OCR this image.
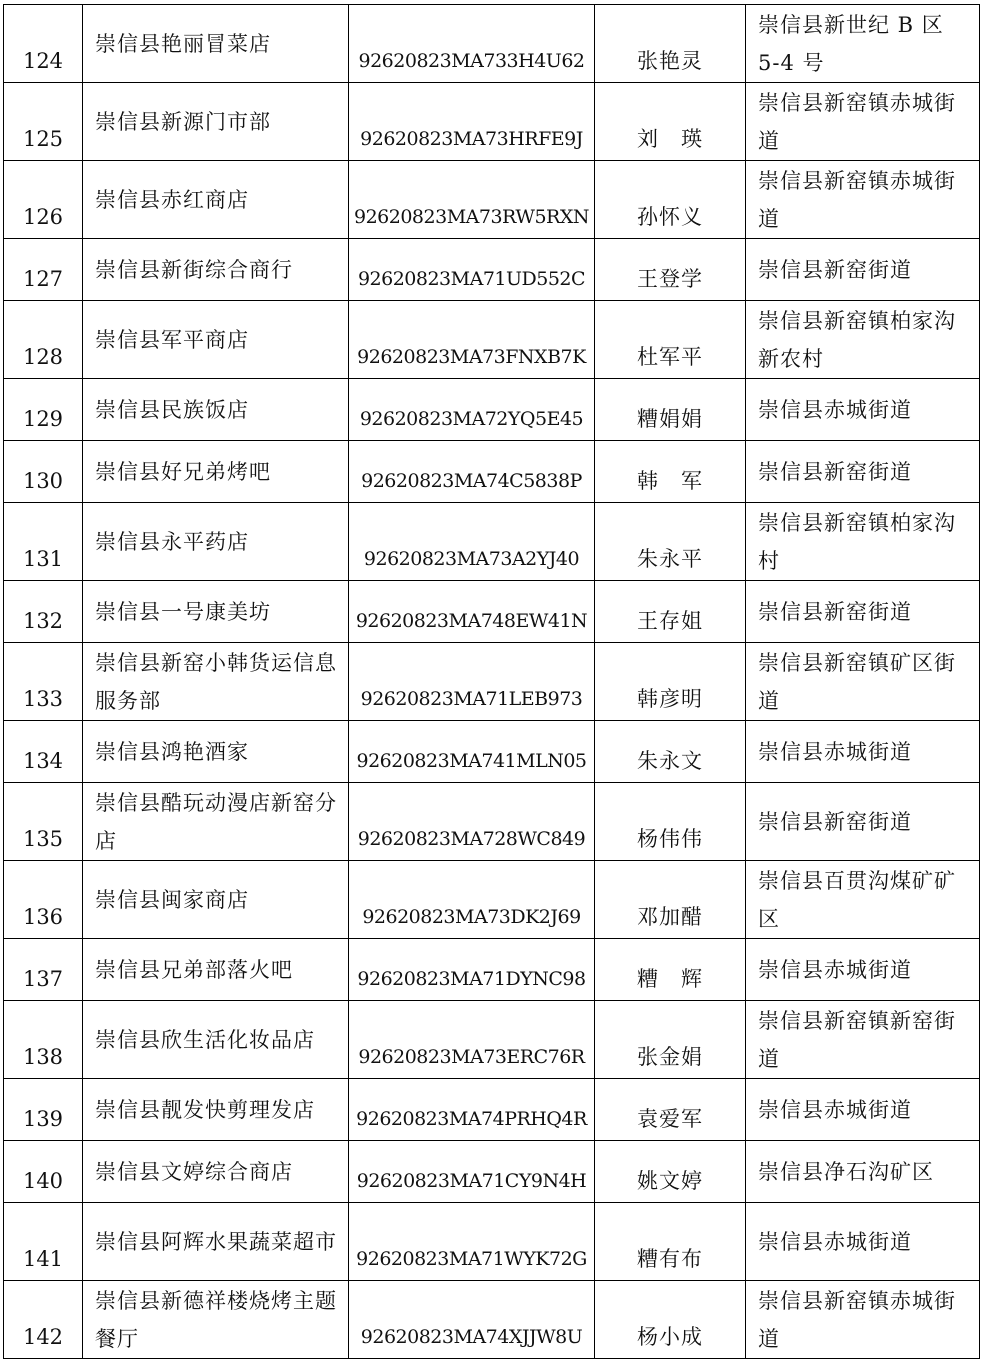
124	崇信县艳丽冒菜店	92620823MA733H4U62	张艳灵	崇信县新世纪 B 区 5-4 号
125	崇信县新源门市部	92620823MA73HRFE9J	刘　瑛	崇信县新窑镇赤城街道
126	崇信县赤红商店	92620823MA73RW5RXN	孙怀义	崇信县新窑镇赤城街道
127	崇信县新街综合商行	92620823MA71UD552C	王登学	崇信县新窑街道
128	崇信县军平商店	92620823MA73FNXB7K	杜军平	崇信县新窑镇柏家沟新农村
129	崇信县民族饭店	92620823MA72YQ5E45	糟娟娟	崇信县赤城街道
130	崇信县好兄弟烤吧	92620823MA74C5838P	韩　军	崇信县新窑街道
131	崇信县永平药店	92620823MA73A2YJ40	朱永平	崇信县新窑镇柏家沟村
132	崇信县一号康美坊	92620823MA748EW41N	王存姐	崇信县新窑街道
133	崇信县新窑小韩货运信息服务部	92620823MA71LEB973	韩彦明	崇信县新窑镇矿区街道
134	崇信县鸿艳酒家	92620823MA741MLN05	朱永文	崇信县赤城街道
135	崇信县酷玩动漫店新窑分店	92620823MA728WC849	杨伟伟	崇信县新窑街道
136	崇信县闽家商店	92620823MA73DK2J69	邓加醋	崇信县百贯沟煤矿矿区
137	崇信县兄弟部落火吧	92620823MA71DYNC98	糟　辉	崇信县赤城街道
138	崇信县欣生活化妆品店	92620823MA73ERC76R	张金娟	崇信县新窑镇新窑街道
139	崇信县靓发快剪理发店	92620823MA74PRHQ4R	袁爱军	崇信县赤城街道
140	崇信县文婷综合商店	92620823MA71CY9N4H	姚文婷	崇信县净石沟矿区
141	崇信县阿辉水果蔬菜超市	92620823MA71WYK72G	糟有布	崇信县赤城街道
142	崇信县新德祥楼烧烤主题餐厅	92620823MA74XJJW8U	杨小成	崇信县新窑镇赤城街道
